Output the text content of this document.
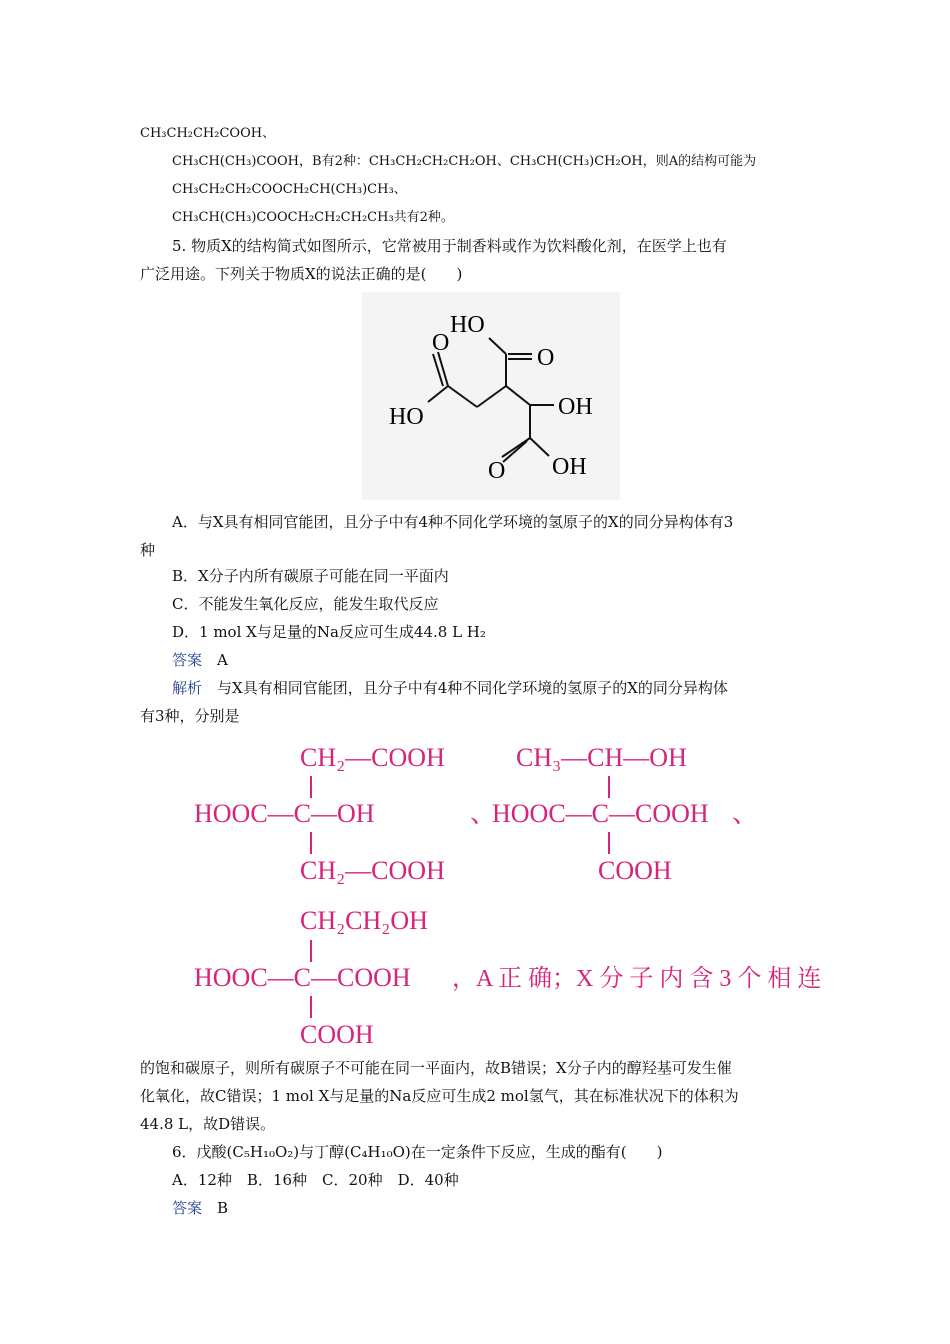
CH₃CH₂CH₂COOH、
CH₃CH(CH₃)COOH，B有2种：CH₃CH₂CH₂CH₂OH、CH₃CH(CH₃)CH₂OH，则A的结构可能为
CH₃CH₂CH₂COOCH₂CH(CH₃)CH₃、
CH₃CH(CH₃)COOCH₂CH₂CH₂CH₃共有2种。
5. 物质X的结构简式如图所示，它常被用于制香料或作为饮料酸化剂，在医学上也有
广泛用途。下列关于物质X的说法正确的是(　　)
HO
O
O
HO	OH
O OH
A．与X具有相同官能团，且分子中有4种不同化学环境的氢原子的X的同分异构体有3
种
B．X分子内所有碳原子可能在同一平面内
C．不能发生氧化反应，能发生取代反应
D．1 mol X与足量的Na反应可生成44.8 L H₂
答案　 A
解析　 与X具有相同官能团，且分子中有4种不同化学环境的氢原子的X的同分异构体
有3种，分别是
CH₂—COOH
HOOC—C—OH
CH₂—COOH
、
CH₃—CH—OH
HOOC—C—COOH
COOH
、
CH₂CH₂OH
HOOC—C—COOH
COOH
，A 正 确；X 分 子 内 含 3 个 相 连
的饱和碳原子，则所有碳原子不可能在同一平面内，故B错误；X分子内的醇羟基可发生催
化氧化，故C错误；1 mol X与足量的Na反应可生成2 mol氢气，其在标准状况下的体积为
44.8 L，故D错误。
6．戊酸(C₅H₁₀O₂)与丁醇(C₄H₁₀O)在一定条件下反应，生成的酯有(　　)
A．12种　B．16种　C．20种　D．40种
答案　 B
